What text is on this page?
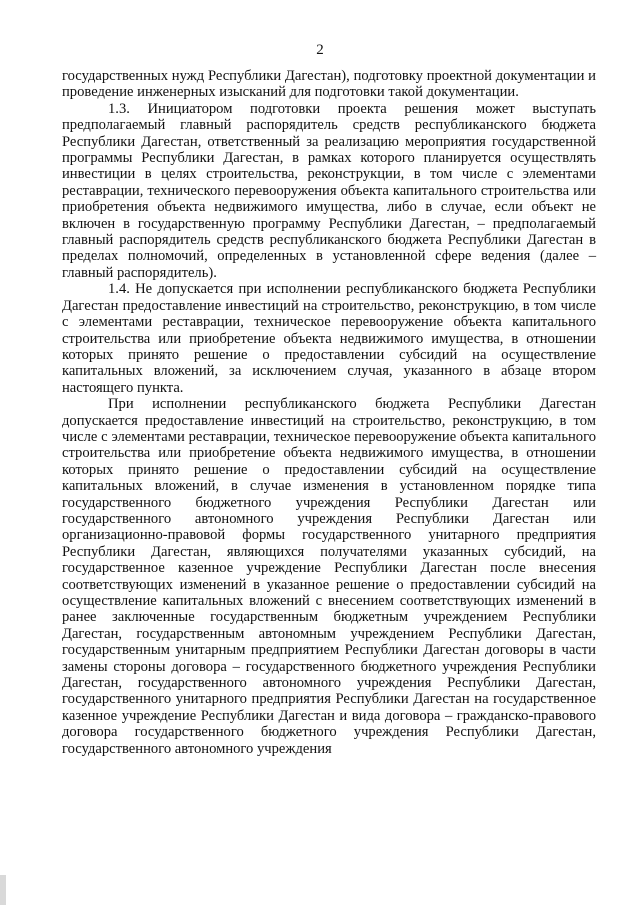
2

государственных нужд Республики Дагестан), подготовку проектной документации и проведение инженерных изысканий для подготовки такой документации.

1.3. Инициатором подготовки проекта решения может выступать предполагаемый главный распорядитель средств республиканского бюджета Республики Дагестан, ответственный за реализацию мероприятия государственной программы Республики Дагестан, в рамках которого планируется осуществлять инвестиции в целях строительства, реконструкции, в том числе с элементами реставрации, технического перевооружения объекта капитального строительства или приобретения объекта недвижимого имущества, либо в случае, если объект не включен в государственную программу Республики Дагестан, – предполагаемый главный распорядитель средств республиканского бюджета Республики Дагестан в пределах полномочий, определенных в установленной сфере ведения (далее – главный распорядитель).

1.4. Не допускается при исполнении республиканского бюджета Республики Дагестан предоставление инвестиций на строительство, реконструкцию, в том числе с элементами реставрации, техническое перевооружение объекта капитального строительства или приобретение объекта недвижимого имущества, в отношении которых принято решение о предоставлении субсидий на осуществление капитальных вложений, за исключением случая, указанного в абзаце втором настоящего пункта.

При исполнении республиканского бюджета Республики Дагестан допускается предоставление инвестиций на строительство, реконструкцию, в том числе с элементами реставрации, техническое перевооружение объекта капитального строительства или приобретение объекта недвижимого имущества, в отношении которых принято решение о предоставлении субсидий на осуществление капитальных вложений, в случае изменения в установленном порядке типа государственного бюджетного учреждения Республики Дагестан или государственного автономного учреждения Республики Дагестан или организационно-правовой формы государственного унитарного предприятия Республики Дагестан, являющихся получателями указанных субсидий, на государственное казенное учреждение Республики Дагестан после внесения соответствующих изменений в указанное решение о предоставлении субсидий на осуществление капитальных вложений с внесением соответствующих изменений в ранее заключенные государственным бюджетным учреждением Республики Дагестан, государственным автономным учреждением Республики Дагестан, государственным унитарным предприятием Республики Дагестан договоры в части замены стороны договора – государственного бюджетного учреждения Республики Дагестан, государственного автономного учреждения Республики Дагестан, государственного унитарного предприятия Республики Дагестан на государственное казенное учреждение Республики Дагестан и вида договора – гражданско-правового договора государственного бюджетного учреждения Республики Дагестан, государственного автономного учреждения
